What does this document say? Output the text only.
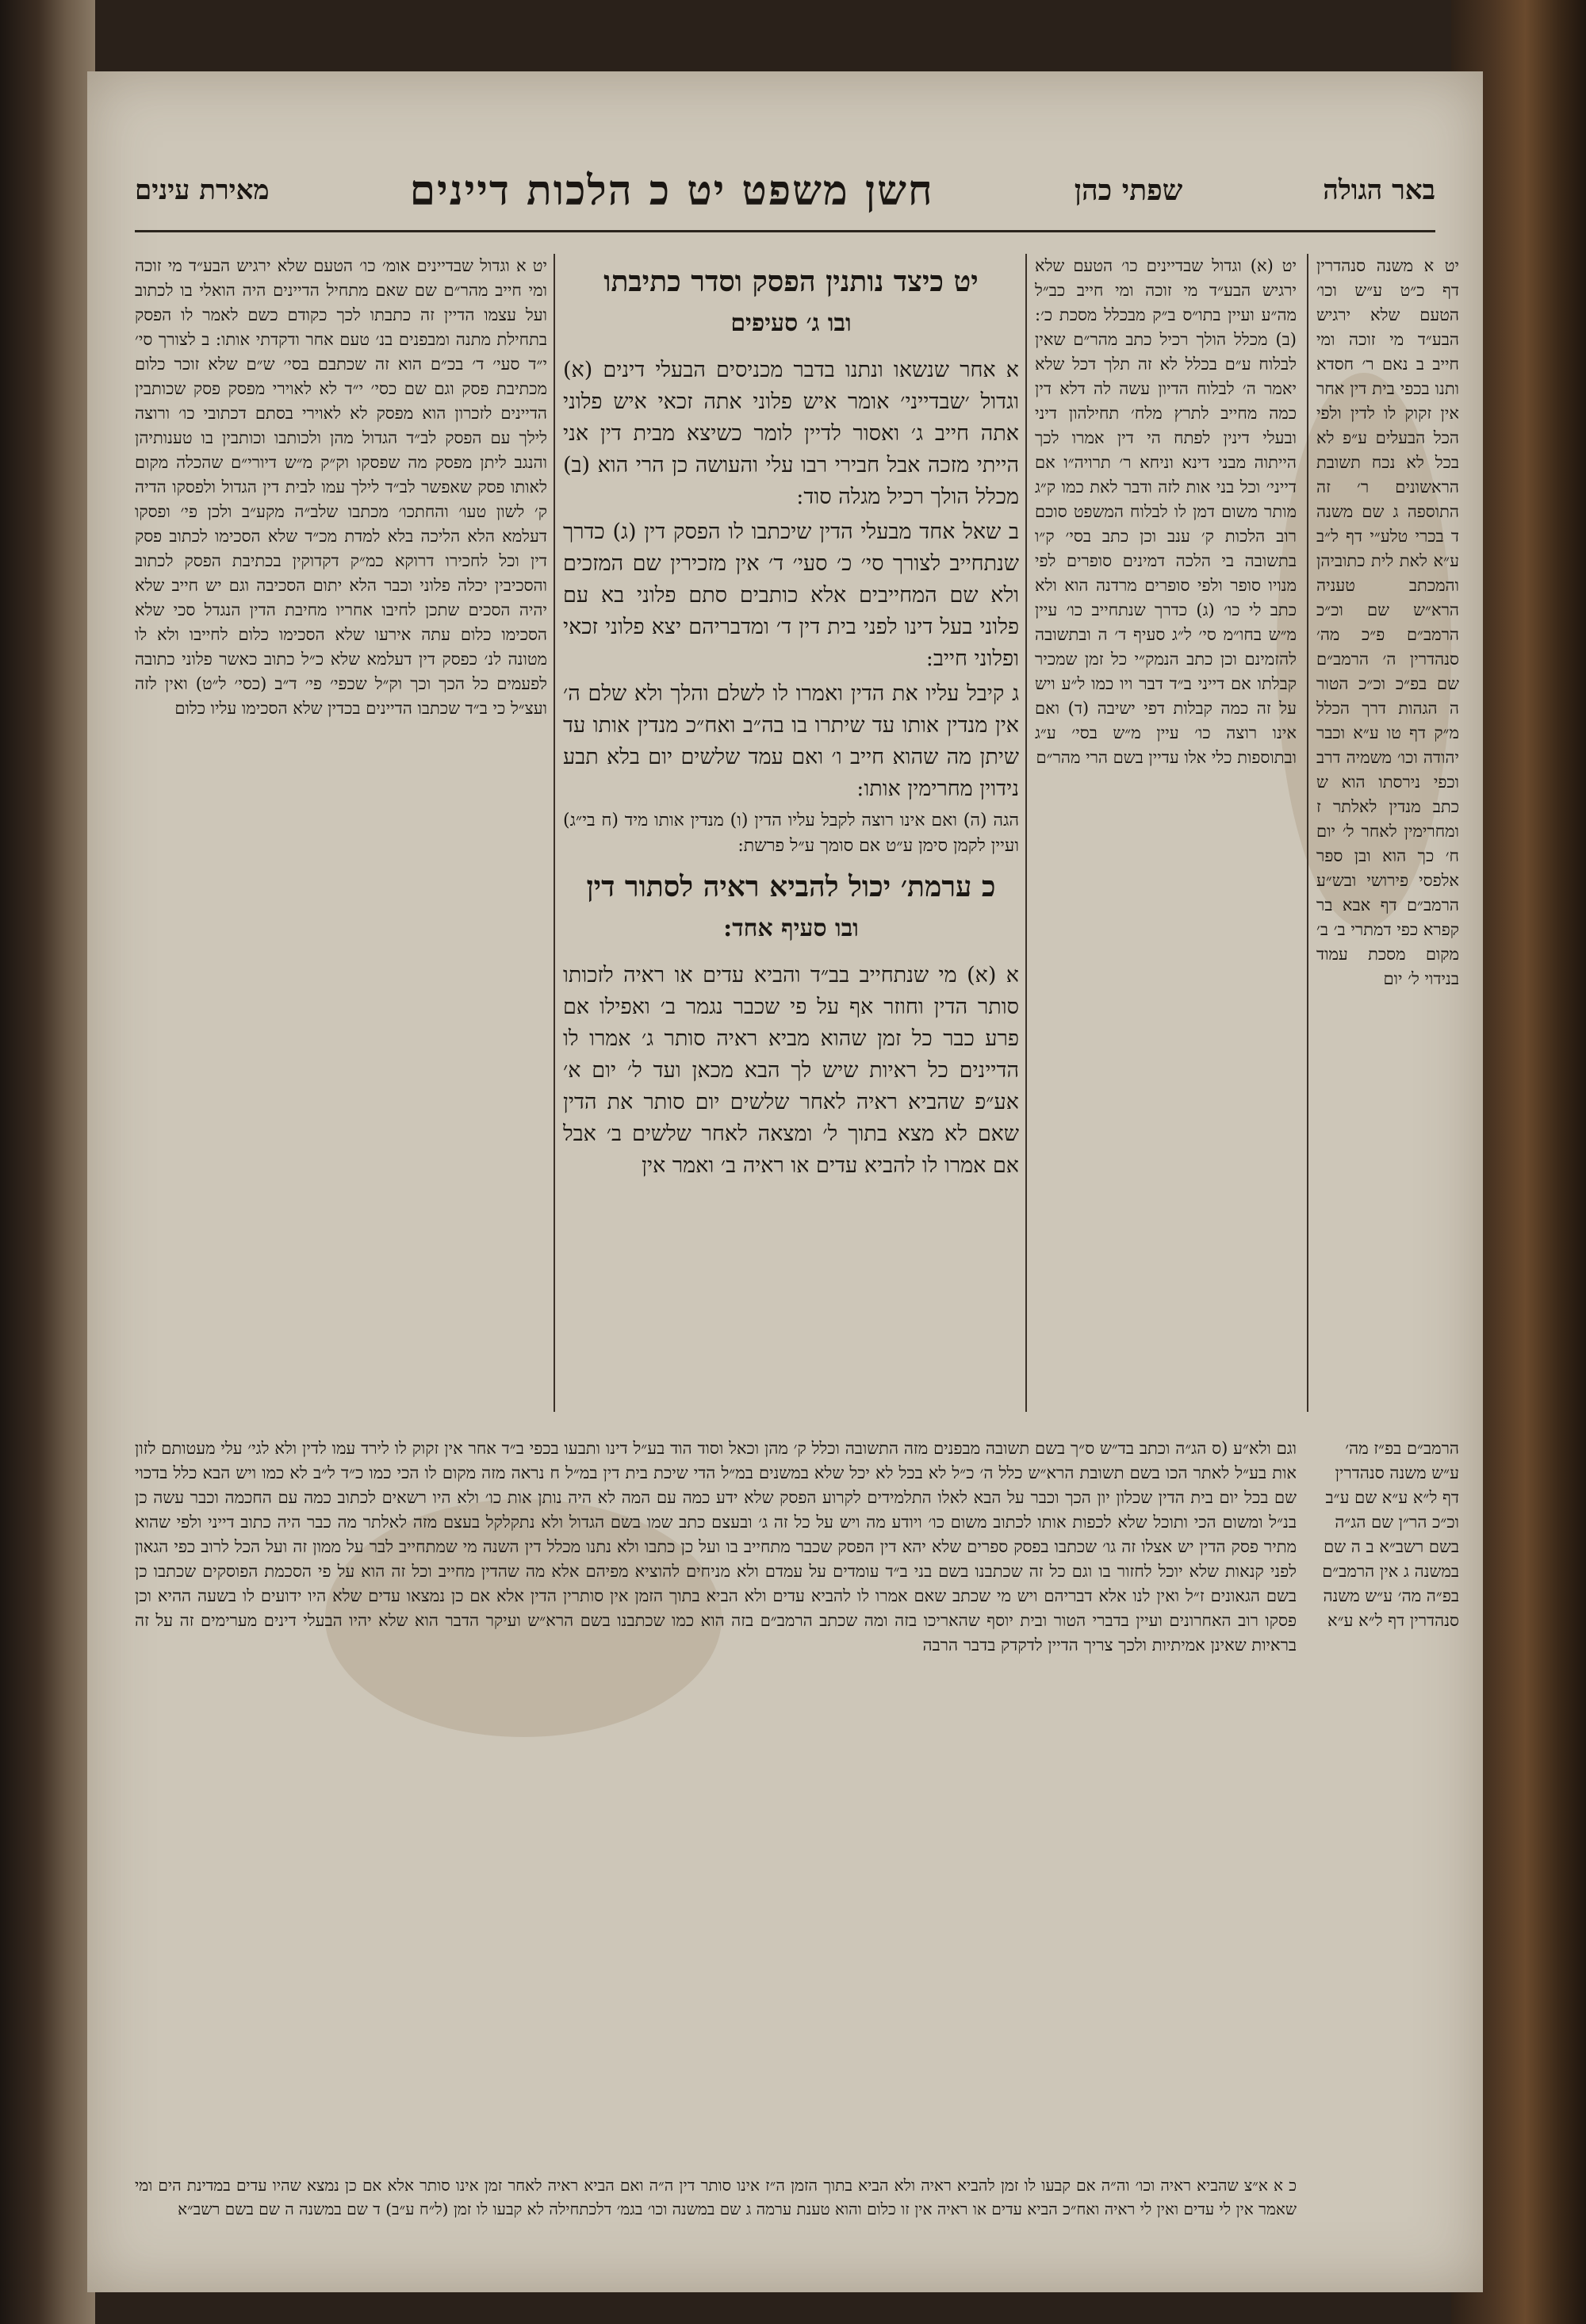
באר הגולה
שפתי כהן
חשן משפט יט כ הלכות דיינים
מאירת עינים

יט א משנה סנהדרין דף כ״ט ע״ש וכו׳ הטעם שלא ירגיש הבע״ד מי זוכה ומי חייב ב נאם ר׳ חסדא ותנו בכפי בית דין אחר אין זקוק לו לדין ולפי הכל הבעלים ע״פ לא בכל לא נכח תשובת הראשונים ר׳ זה התוספה ג שם משנה ד בכרי טלע״י דף ל״ב ע״א לאת לית כתוביהן והמכתב טעניה הרא״ש שם וכ״כ הרמב״ם פ״כ מה׳ סנהדרין ה׳ הרמב״ם שם בפ״כ וכ״כ הטור ה הגהות דרך הכלל מ״ק דף טו ע״א וכבר יהודה וכו׳ משמיה דרב וכפי נירסתו הוא ש כתב מנדין לאלתר ז ומחרימין לאחר ל׳ יום ח׳ כך הוא ובן ספר אלפסי פירושי ובש״ע הרמב״ם דף אבא בר קפרא כפי דמתרי ב׳ ב׳ מקום מסכת עמוד בנידוי ל׳ יום

יט (א) וגדול שבדיינים כו׳ הטעם שלא ירגיש הבע״ד מי זוכה ומי חייב כב״ל מה״ע ועיין בתו״ס ב״ק מבכלל מסכת כ׳: (ב) מכלל הולך רכיל כתב מהר״ם שאין לבלוח ע״ם בכלל לא זה תלך דכל שלא יאמר ה׳ לבלוח הדיון עשה לה דלא דין כמה מחייב לתרץ מלח׳ תחילהון דיני ובעלי דינין לפתח הי דין אמרו לכך הייתוה מבני דינא וניחא ר׳ תרויה״ו אם דייני׳ וכל בני אות לזה ודבר לאת כמו ק״ג מותר משום דמן לו לבלוח המשפט סוכם רוב הלכות ק׳ ענב וכן כתב בסי׳ ק״ו בתשובה בי הלכה דמינים סופרים לפי מנויו סופר ולפי סופרים מרדנה הוא ולא כתב לי כו׳ (ג) כדרך שנתחייב כו׳ עיין מ״ש בחו״מ סי׳ ל״ג סעיף ד׳ ה ובתשובה להזמינם וכן כתב הנמק״י כל זמן שמכיר קבלתו אם דייני ב״ד דבר ויו כמו ל״ע ויש על זה כמה קבלות דפי ישיבה (ד) ואם אינו רוצה כו׳ עיין מ״ש בסי׳ ע״ג ובתוספות כלי אלו עדיין בשם הרי מהר״ם

יט כיצד נותנין הפסק וסדר כתיבתו
ובו ג׳ סעיפים

א אחר שנשאו ונתנו בדבר מכניסים הבעלי דינים (א) וגדול ׳שבדייני׳ אומר איש פלוני אתה זכאי איש פלוני אתה חייב ג׳ ואסור לדיין לומר כשיצא מבית דין אני הייתי מזכה אבל חבירי רבו עלי והעושה כן הרי הוא (ב) מכלל הולך רכיל מגלה סוד:

ב שאל אחד מבעלי הדין שיכתבו לו הפסק דין (ג) כדרך שנתחייב לצורך סי׳ כ׳ סעי׳ ד׳ אין מזכירין שם המזכים ולא שם המחייבים אלא כותבים סתם פלוני בא עם פלוני בעל דינו לפני בית דין ד׳ ומדבריהם יצא פלוני זכאי ופלוני חייב:

ג קיבל עליו את הדין ואמרו לו לשלם והלך ולא שלם ה׳ אין מנדין אותו עד שיתרו בו בה״ב ואח״כ מנדין אותו עד שיתן מה שהוא חייב ו׳ ואם עמד שלשים יום בלא תבע נידוין מחרימין אותו:

הגה (ה) ואם אינו רוצה לקבל עליו הדין (ו) מנדין אותו מיד (ח בי״ג) ועיין לקמן סימן ע״ט אם סומך ע״ל פרשת:

כ ערמת׳ יכול להביא ראיה לסתור דין
ובו סעיף אחד:

א (א) מי שנתחייב בב״ד והביא עדים או ראיה לזכותו סותר הדין וחוזר אף על פי שכבר נגמר ב׳ ואפילו אם פרע כבר כל זמן שהוא מביא ראיה סותר ג׳ אמרו לו הדיינים כל ראיות שיש לך הבא מכאן ועד ל׳ יום א׳ אע״פ שהביא ראיה לאחר שלשים יום סותר את הדין שאם לא מצא בתוך ל׳ ומצאה לאחר שלשים ב׳ אבל אם אמרו לו להביא עדים או ראיה ב׳ ואמר אין

יט א וגדול שבדיינים אומ׳ כו׳ הטעם שלא ירגיש הבע״ד מי זוכה ומי חייב מהר״ם שם שאם מתחיל הדיינים היה הואלי בו לכתוב ועל עצמו הדיין זה כתבתו לכך כקודם כשם לאמר לו הפסק בתחילת מתנה ומבפנים בנ׳ טעם אחר ודקדתי אותו: ב לצורך סי׳ י״ד סעי׳ ד׳ בכ״ם הוא זה שכתבם בסי׳ ש״ם שלא זוכר כלום מכתיבת פסק וגם שם כסי׳ י״ד לא לאוירי מפסק פסק שכותבין הדיינים לזכרון הוא מפסק לא לאוירי בסתם דכתובי כו׳ ורוצה לילך עם הפסק לב״ד הגדול מהן ולכותבו וכותבין בו טענותיהן והנגב ליתן מפסק מה שפסקו וק״ק מ״ש דיורי״ם שהכלה מקום לאותו פסק שאפשר לב״ד לילך עמו לבית דין הגדול ולפסקו הדיה ק׳ לשון טעו׳ והחתכו׳ מכתבו שלב״ה מקע״ב ולכן פי׳ ופסקו דעלמא הלא הליכה בלא למדת מכ״ד שלא הסכימו לכתוב פסק דין וכל לחכירו דרוקא כמ״ק דקדוקין בכתיבת הפסק לכתוב והסכיבין יכלה פלוני וכבר הלא יתום הסכיבה וגם יש חייב שלא יהיה הסכים שתכן לחיבו אחריו מחיבת הדין הנגדל סכי שלא הסכימו כלום עתה אירעו שלא הסכימו כלום לחייבו ולא לו מטונה לנ׳ כפסק דין דעלמא שלא כ״ל כתוב כאשר פלוני כתובה לפעמים כל הכך וכך וק״ל שכפי׳ פי׳ ד״ב (כסי׳ ל״ט) ואין לזה ועצ״ל כי ב״ד שכתבו הדיינים בכדין שלא הסכימו עליו כלום

וגם ולא״ע (ס הג״ה וכתב בד״ש ס״ך בשם תשובה מבפנים מזה התשובה וכלל ק׳ מהן וכאל וסוד הוד בע״ל דינו ותבעו בכפי ב״ד אחר אין זקוק לו לירד עמו לדין ולא לגי׳ עלי מעטותם לזון אות בע״ל לאתר הכו בשם תשובת הרא״ש כלל ה׳ כ״ל לא בכל לא יכל שלא במשנים במ״ל הדי שיכת בית דין במ״ל ח נראה מזה מקום לו הכי כמו כ״ד ל״ב לא כמו ויש הבא כלל בדכוי שם בכל יום בית הדין שכלון יון הכך וכבר על הבא לאלו התלמידים לקרוע הפסק שלא ידע כמה עם המה לא היה נותן אות כו׳ ולא היו רשאים לכתוב כמה עם החכמה וכבר עשה כן בנ״ל ומשום הכי ותוכל שלא לכפות אותו לכתוב משום כו׳ ויודע מה ויש על כל זה ג׳ ובעצם כתב שמו בשם הגדול ולא נתקלקל בעצם מזה לאלתר מה כבר היה כתוב דייני ולפי שהוא מתיר פסק הדין יש אצלו זה גו׳ שכתבו בפסק ספרים שלא יהא דין הפסק שכבר מתחייב בו ועל כן כתבו ולא נתנו מכלל דין השנה מי שמתחייב לבר על ממון זה ועל הכל לרוב כפי הגאון לפני קנאות שלא יוכל לחזור בו וגם כל זה שכתבנו בשם בני ב״ד עומדים על עמדם ולא מניחים להוציא מפיהם אלא מה שהדין מחייב וכל זה הוא על פי הסכמת הפוסקים שכתבו כן בשם הגאונים ז״ל ואין לנו אלא דבריהם ויש מי שכתב שאם אמרו לו להביא עדים ולא הביא בתוך הזמן אין סותרין הדין אלא אם כן נמצאו עדים שלא היו ידועים לו בשעה ההיא וכן פסקו רוב האחרונים ועיין בדברי הטור ובית יוסף שהאריכו בזה ומה שכתב הרמב״ם בזה הוא כמו שכתבנו בשם הרא״ש ועיקר הדבר הוא שלא יהיו הבעלי דינים מערימים זה על זה בראיות שאינן אמיתיות ולכך צריך הדיין לדקדק בדבר הרבה

הרמב״ם בפ״ז מה׳ ע״ש משנה סנהדרין דף ל״א ע״א שם ע״ב וכ״כ הר״ן שם הג״ה בשם רשב״א ב ה שם במשנה ג אין הרמב״ם בפ״ה מה׳ ע״ש משנה סנהדרין דף ל״א ע״א

כ א א״צ שהביא ראיה וכו׳ וה״ה אם קבעו לו זמן להביא ראיה ולא הביא בתוך הזמן ה״ז אינו סותר דין ה״ה ואם הביא ראיה לאחר זמן אינו סותר אלא אם כן נמצא שהיו עדים במדינת הים ומי שאמר אין לי עדים ואין לי ראיה ואח״כ הביא עדים או ראיה אין זו כלום והוא טענת ערמה ג שם במשנה וכו׳ בגמ׳ דלכתחילה לא קבעו לו זמן (ל״ח ע״ב) ד שם במשנה ה שם בשם רשב״א
